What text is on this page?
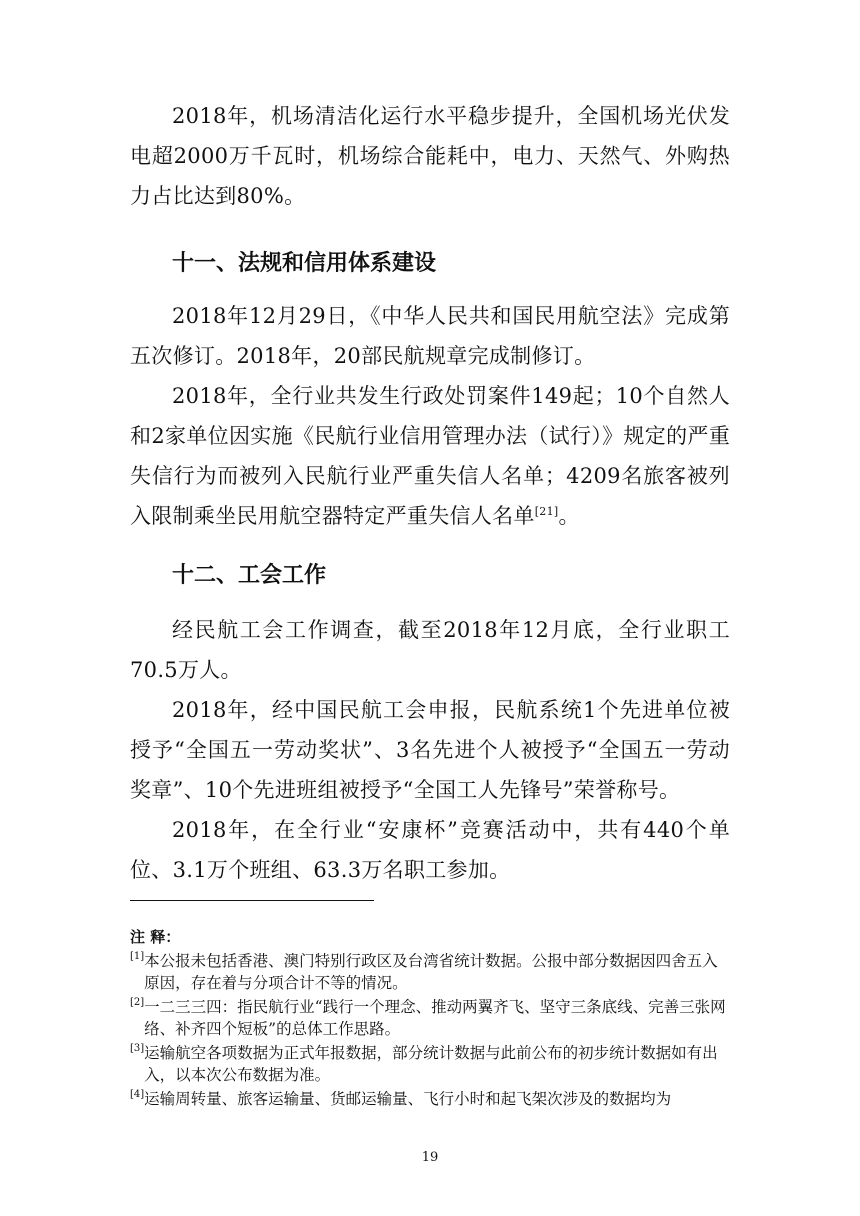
2018年，机场清洁化运行水平稳步提升，全国机场光伏发电超2000万千瓦时，机场综合能耗中，电力、天然气、外购热力占比达到80%。

十一、法规和信用体系建设

2018年12月29日，《中华人民共和国民用航空法》完成第五次修订。2018年，20部民航规章完成制修订。

2018年，全行业共发生行政处罚案件149起；10个自然人和2家单位因实施《民航行业信用管理办法（试行）》规定的严重失信行为而被列入民航行业严重失信人名单；4209名旅客被列入限制乘坐民用航空器特定严重失信人名单[21]。

十二、工会工作

经民航工会工作调查，截至2018年12月底，全行业职工70.5万人。

2018年，经中国民航工会申报，民航系统1个先进单位被授予“全国五一劳动奖状”、3名先进个人被授予“全国五一劳动奖章”、10个先进班组被授予“全国工人先锋号”荣誉称号。

2018年，在全行业“安康杯”竞赛活动中，共有440个单位、3.1万个班组、63.3万名职工参加。

注 释：

[1] 本公报未包括香港、澳门特别行政区及台湾省统计数据。公报中部分数据因四舍五入原因，存在着与分项合计不等的情况。
[2] 一二三三四：指民航行业“践行一个理念、推动两翼齐飞、坚守三条底线、完善三张网络、补齐四个短板”的总体工作思路。
[3] 运输航空各项数据为正式年报数据，部分统计数据与此前公布的初步统计数据如有出入，以本次公布数据为准。
[4] 运输周转量、旅客运输量、货邮运输量、飞行小时和起飞架次涉及的数据均为
19
